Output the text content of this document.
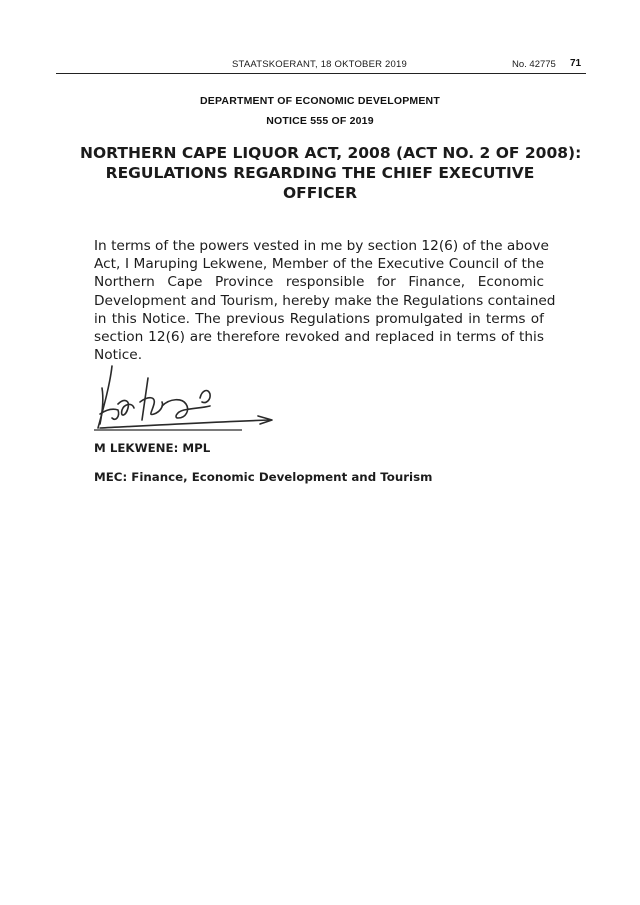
STAATSKOERANT, 18 OKTOBER 2019	No. 42775 71
DEPARTMENT OF ECONOMIC DEVELOPMENT
NOTICE 555 OF 2019
NORTHERN CAPE LIQUOR ACT, 2008 (ACT NO. 2 OF 2008):
REGULATIONS REGARDING THE CHIEF EXECUTIVE
OFFICER
In terms of the powers vested in me by section 12(6) of the above
Act, I Maruping Lekwene, Member of the Executive Council of the
Northern Cape Province responsible for Finance, Economic
Development and Tourism, hereby make the Regulations contained
in this Notice. The previous Regulations promulgated in terms of
section 12(6) are therefore revoked and replaced in terms of this
Notice.
M LEKWENE: MPL
MEC: Finance, Economic Development and Tourism
